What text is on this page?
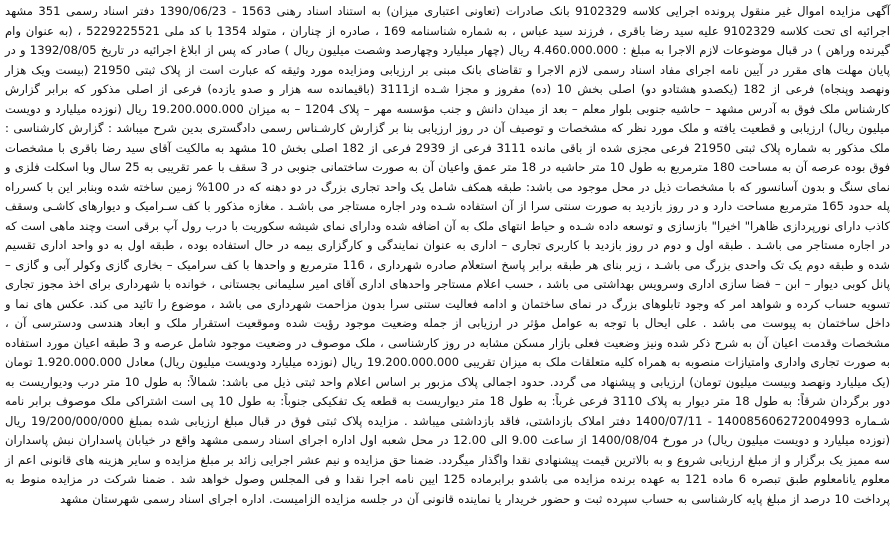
آگهی مزایده اموال غیر منقول پرونده اجرایی کلاسه 9102329 بانک صادرات (تعاونی اعتباری میزان) به استناد اسناد رهنی 1563 - 1390/06/23 دفتر اسناد رسمی 351 مشهد اجرائیه ای تحت کلاسه 9102329 علیه سید رضا باقری ، فرزند سید عباس ، به شماره شناسنامه 169 ، صادره از چناران ، متولد 1354 با کد ملی 5229225521 ، (به عنوان وام گیرنده وراهن ) در قبال موضوعات لازم الاجرا به مبلغ : 4.460.000.000 ریال (چهار میلیارد وچهارصد وشصت میلیون ریال ) صادر که پس از ابلاغ اجرائیه در تاریخ 1392/08/05 و در پایان مهلت های مقرر در آیین نامه اجرای مفاد اسناد رسمی لازم الاجرا و تقاضای بانک مبنی بر ارزیابی ومزایده مورد وثیقه که عبارت است از پلاک ثبتی 21950 (بیست ویک هزار ونهصد وپنجاه) فرعی از 182 (یکصدو هشتادو دو) اصلی بخش 10 (ده) مفروز و مجزا شـده از3111 (باقیمانده سه هزار و صدو یازده) فرعی از اصلی مذکور که برابر گزارش کارشناس ملک فوق به آدرس مشهد – حاشیه جنوبی بلوار معلم – بعد از میدان دانش و جنب مؤسسه مهر – پلاک 1204 – به میزان 19.200.000.000 ریال (نوزده میلیارد و دویست میلیون ریال) ارزیابی و قطعیت یافته و ملک مورد نظر که مشخصات و توصیف آن در روز ارزیابی بنا بر گزارش کارشـناس رسمی دادگستری بدین شرح میباشد : گزارش کارشناسی : ملک مذکور به شماره پلاک ثبتی 21950 فرعی مجزی شده از باقی مانده 3111 فرعی از 2939 فرعی از 182 اصلی بخش 10 مشهد به مالکیت آقای سید رضا باقری با مشخصات فوق بوده عرصه آن به مساحت 180 مترمربع به طول 10 متر حاشیه در 18 متر عمق واعیان آن به صورت ساختمانی جنوبی در 3 سقف با عمر تقریبی به 25 سال وبا اسکلت فلزی و نمای سنگ و بدون آسانسور که با مشخصات ذیل در محل موجود می باشد: طبقه همکف شامل یک واحد تجاری بزرگ در دو دهنه که در 100% زمین ساخته شده وبنابر این با کسرراه پله حدود 165 مترمربع مساحت دارد و در روز بازدید به صورت سنتی سرا از آن استفاده شـده ودر اجاره مستاجر می باشـد . مغازه مذکور با کف سـرامیک و دیوارهای کاشـی وسقف کاذب دارای نورپردازی ظاهرا" اخیرا" بازسازی و توسعه داده شـده و حیاط انتهای ملک به آن اضافه شده ودارای نمای شیشه سکوریت با درب رول آپ برقی است وچند ماهی است که در اجاره مستاجر می باشـد . طبقه اول و دوم در روز بازدید با کاربری تجاری – اداری به عنوان نمایندگی و کارگزاری بیمه در حال استفاده بوده ، طبقه اول به دو واحد اداری تقسیم شده و طبقه دوم یک تک واحدی بزرگ می باشـد ، زیر بنای هر طبقه برابر پاسخ استعلام صادره شهرداری ، 116 مترمربع و واحدها با کف سرامیک – بخاری گازی وکولر آبی و گازی – پانل کوبی دیوار – ابن – فضا سازی اداری وسرویس بهداشتی می باشد ، حسب اعلام مستاجر واحدهای اداری آقای امیر سلیمانی بجستانی ، خوانده با شهرداری برای اخذ مجوز تجاری تسویه حساب کرده و شواهد امر که وجود تابلوهای بزرگ در نمای ساختمان و ادامه فعالیت ستنی سرا بدون مزاحمت شهرداری می باشد ، موضوع را تائید می کند. عکس های نما و داخل ساختمان به پیوست می باشد . علی ایحال با توجه به عوامل مؤثر در ارزیابی از جمله وضعیت موجود رؤیت شده وموقعیت استقرار ملک و ابعاد هندسی ودسترسی آن ، مشخصات وقدمت اعیان آن به شرح ذکر شده ونیز وضعیت فعلی بازار مسکن مشابه در روز کارشناسی ، ملک موصوف در وضعیت موجود شامل عرصه و 3 طبقه اعیان مورد استفاده به صورت تجاری واداری وامتیازات منصوبه به همراه کلیه متعلقات ملک به میزان تقریبی 19.200.000.000 ریال (نوزده میلیارد ودویست میلیون ریال) معادل 1.920.000.000 تومان (یک میلیارد ونهصد وبیست میلیون تومان) ارزیابی و پیشنهاد می گردد. حدود اجمالی پلاک مزبور بر اساس اعلام واحد ثبتی ذیل می باشد: شمالاً: به طول 10 متر درب ودیواریست به دور برگردان شرقاً: به طول 18 متر دیوار به پلاک 3110 فرعی غرباً: به طول 18 متر دیواریست به قطعه یک تفکیکی جنوباً: به طول 10 پی است اشتراکی ملک موصوف برابر نامه شـماره 140085606272004993 - 1400/07/11 دفتر املاک بازداشتی، فاقد بازداشتی میباشد . مزایده پلاک ثبتی فوق در قبال مبلغ ارزیابی شده بمبلغ 19/200/000/000 ریال (نوزده میلیارد و دویست میلیون ریال) در مورخ 1400/08/04 از ساعت 9.00 الی 12.00 در محل شعبه اول اداره اجرای اسناد رسمی مشهد واقع در خیابان پاسداران نبش پاسداران سه ممیز یک برگزار و از مبلغ ارزیابی شروع و به بالاترین قیمت پیشنهادی نقدا واگذار میگردد. ضمنا حق مزایده و نیم عشر اجرایی زائد بر مبلغ مزایده و سایر هزینه های قانونی اعم از معلوم یانامعلوم طبق تبصره 6 ماده 121 به عهده برنده مزایده می باشدو برابرماده 125 ایین نامه اجرا نقدا و فی المجلس وصول خواهد شد . ضمنا شرکت در مزایده منوط به پرداخت 10 درصد از مبلغ پایه کارشناسی به حساب سپرده ثبت و حضور خریدار یا نماینده قانونی آن در جلسه مزایده الزامیست. اداره اجرای اسناد رسمی شهرستان مشهد
